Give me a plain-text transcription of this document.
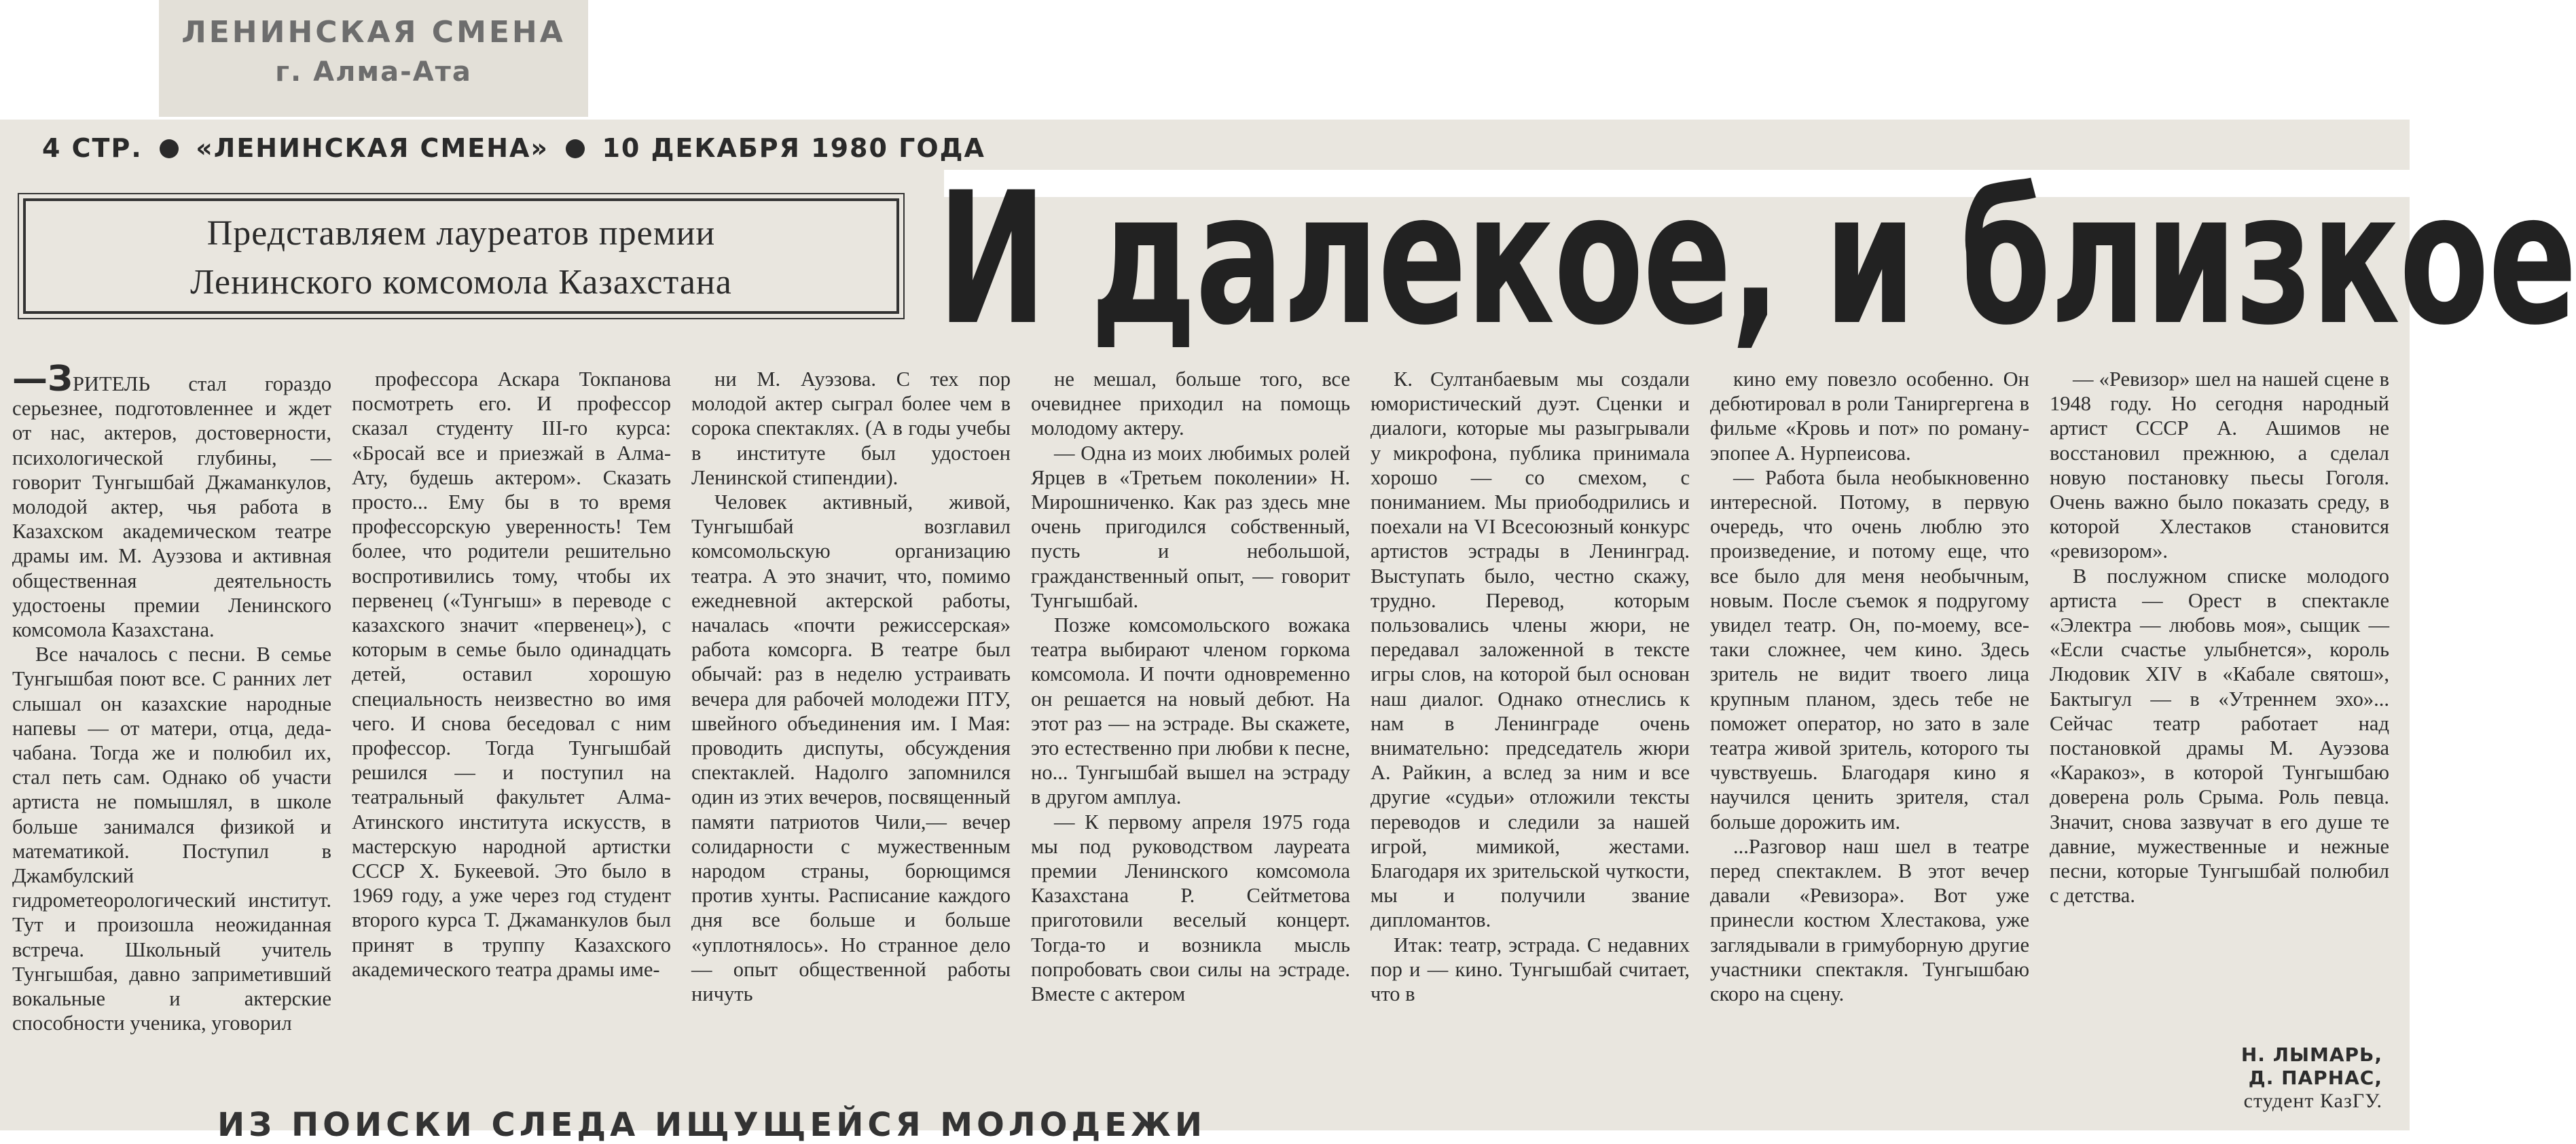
ЛЕНИНСКАЯ СМЕНА
г. Алма-Ата
4 СТР. «ЛЕНИНСКАЯ СМЕНА» 10 ДЕКАБРЯ 1980 ГОДА
Представляем лауреатов премии
Ленинского комсомола Казахстана	И далекое, и близкое

—ЗРИТЕЛЬ стал гораздо серьезнее, подготовленнее и ждет от нас, актеров, достоверности, психологической глубины, — говорит Тунгышбай Джаманкулов, молодой актер, чья работа в Казахском академическом театре драмы им. М. Ауэзова и активная общественная деятельность удостоены премии Ленинского комсомола Казахстана.

Все началось с песни. В семье Тунгышбая поют все. С ранних лет слышал он казахские народные напевы — от матери, отца, деда-чабана. Тогда же и полюбил их, стал петь сам. Однако об участи артиста не помышлял, в школе больше занимался физикой и математикой. Поступил в Джамбулский гидрометеорологический институт. Тут и произошла неожиданная встреча. Школьный учитель Тунгышбая, давно заприметивший вокальные и актерские способности ученика, уговорил

профессора Аскара Токпанова посмотреть его. И профессор сказал студенту III-го курса: «Бросай все и приезжай в Алма-Ату, будешь актером». Сказать просто... Ему бы в то время профессорскую уверенность! Тем более, что родители решительно воспротивились тому, чтобы их первенец («Тунгыш» в переводе с казахского значит «первенец»), с которым в семье было одинадцать детей, оставил хорошую специальность неизвестно во имя чего. И снова беседовал с ним профессор. Тогда Тунгышбай решился — и поступил на театральный факультет Алма-Атинского института искусств, в мастерскую народной артистки СССР Х. Букеевой. Это было в 1969 году, а уже через год студент второго курса Т. Джаманкулов был принят в труппу Казахского академического театра драмы име-

ни М. Ауэзова. С тех пор молодой актер сыграл более чем в сорока спектаклях. (А в годы учебы в институте был удостоен Ленинской стипендии).

Человек активный, живой, Тунгышбай возглавил комсомольскую организацию театра. А это значит, что, помимо ежедневной актерской работы, началась «почти режиссерская» работа комсорга. В театре был обычай: раз в неделю устраивать вечера для рабочей молодежи ПТУ, швейного объединения им. I Мая: проводить диспуты, обсуждения спектаклей. Надолго запомнился один из этих вечеров, посвященный памяти патриотов Чили,— вечер солидарности с мужественным народом страны, борющимся против хунты. Расписание каждого дня все больше и больше «уплотнялось». Но странное дело — опыт общественной работы ничуть

не мешал, больше того, все очевиднее приходил на помощь молодому актеру.

— Одна из моих любимых ролей Ярцев в «Третьем поколении» Н. Мирошниченко. Как раз здесь мне очень пригодился собственный, пусть и небольшой, гражданственный опыт, — говорит Тунгышбай.

Позже комсомольского вожака театра выбирают членом горкома комсомола. И почти одновременно он решается на новый дебют. На этот раз — на эстраде. Вы скажете, это естественно при любви к песне, но... Тунгышбай вышел на эстраду в другом амплуа.

— К первому апреля 1975 года мы под руководством лауреата премии Ленинского комсомола Казахстана Р. Сейтметова приготовили веселый концерт. Тогда-то и возникла мысль попробовать свои силы на эстраде. Вместе с актером

К. Султанбаевым мы создали юмористический дуэт. Сценки и диалоги, которые мы разыгрывали у микрофона, публика принимала хорошо — со смехом, с пониманием. Мы приободрились и поехали на VI Всесоюзный конкурс артистов эстрады в Ленинград. Выступать было, честно скажу, трудно. Перевод, которым пользовались члены жюри, не передавал заложенной в тексте игры слов, на которой был основан наш диалог. Однако отнеслись к нам в Ленинграде очень внимательно: председатель жюри А. Райкин, а вслед за ним и все другие «судьи» отложили тексты переводов и следили за нашей игрой, мимикой, жестами. Благодаря их зрительской чуткости, мы и получили звание дипломантов.

Итак: театр, эстрада. С недавних пор и — кино. Тунгышбай считает, что в

кино ему повезло особенно. Он дебютировал в роли Таниргергена в фильме «Кровь и пот» по роману-эпопее А. Нурпеисова.

— Работа была необыкновенно интересной. Потому, в первую очередь, что очень люблю это произведение, и потому еще, что все было для меня необычным, новым. После съемок я подругому увидел театр. Он, по-моему, все-таки сложнее, чем кино. Здесь зритель не видит твоего лица крупным планом, здесь тебе не поможет оператор, но зато в зале театра живой зритель, которого ты чувствуешь. Благодаря кино я научился ценить зрителя, стал больше дорожить им.

...Разговор наш шел в театре перед спектаклем. В этот вечер давали «Ревизора». Вот уже принесли костюм Хлестакова, уже заглядывали в гримуборную другие участники спектакля. Тунгышбаю скоро на сцену.

— «Ревизор» шел на нашей сцене в 1948 году. Но сегодня народный артист СССР А. Ашимов не восстановил прежнюю, а сделал новую постановку пьесы Гоголя. Очень важно было показать среду, в которой Хлестаков становится «ревизором».

В послужном списке молодого артиста — Орест в спектакле «Электра — любовь моя», сыщик — «Если счастье улыбнется», король Людовик XIV в «Кабале святош», Бактыгул — в «Утреннем эхо»... Сейчас театр работает над постановкой драмы М. Ауэзова «Каракоз», в которой Тунгышбаю доверена роль Срыма. Роль певца. Значит, снова зазвучат в его душе те давние, мужественные и нежные песни, которые Тунгышбай полюбил с детства.

Н. ЛЫМАРЬ,
Д. ПАРНАС,
студент КазГУ.
ИЗ ПОИСКИ СЛЕДА ИЩУЩЕЙСЯ МОЛОДЕЖИ
